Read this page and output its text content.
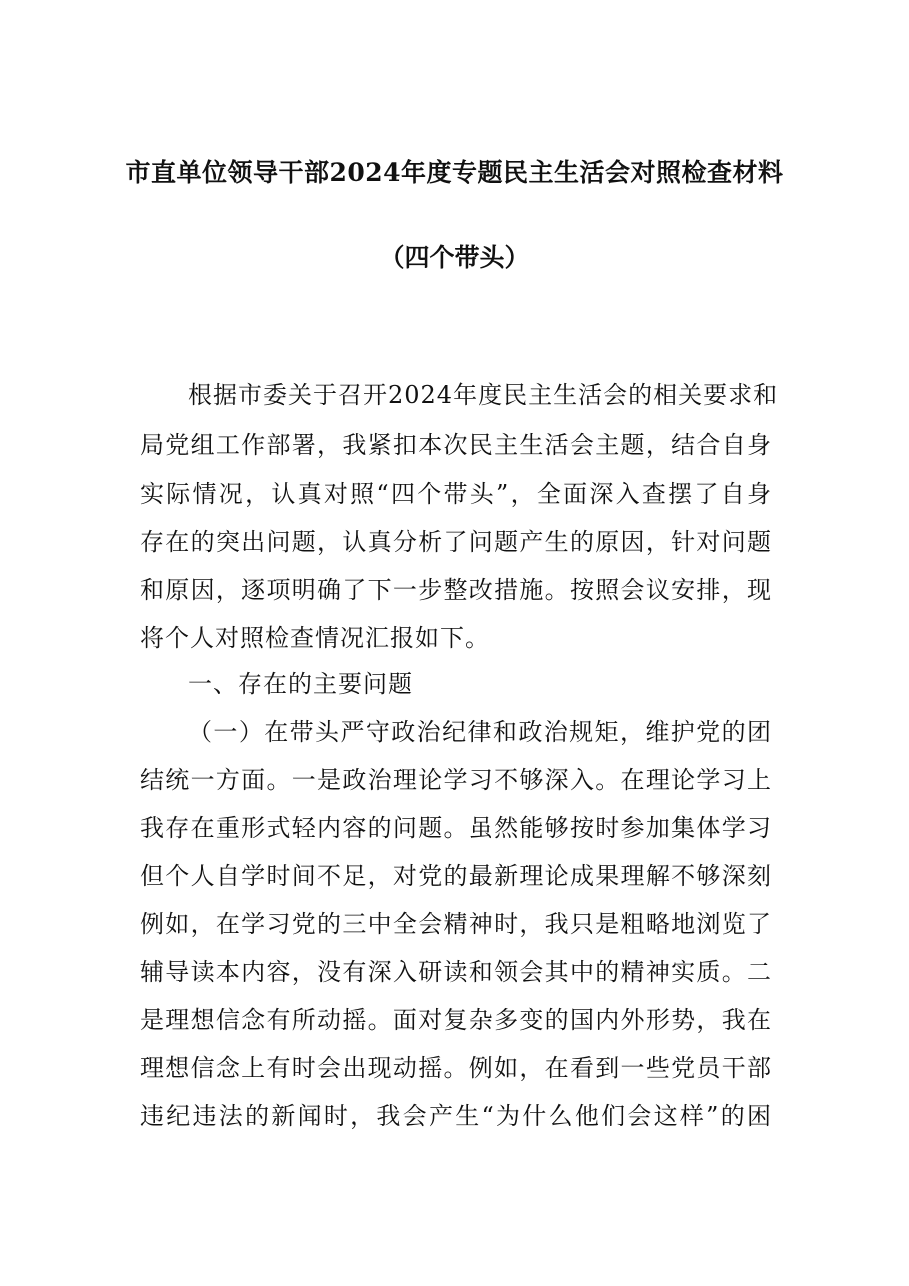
市直单位领导干部2024年度专题民主生活会对照检查材料
（四个带头）
根据市委关于召开2024年度民主生活会的相关要求和
局党组工作部署，我紧扣本次民主生活会主题，结合自身
实际情况，认真对照“四个带头”，全面深入查摆了自身
存在的突出问题，认真分析了问题产生的原因，针对问题
和原因，逐项明确了下一步整改措施。按照会议安排，现
将个人对照检查情况汇报如下。
一、存在的主要问题
（一）在带头严守政治纪律和政治规矩，维护党的团
结统一方面。一是政治理论学习不够深入。在理论学习上
我存在重形式轻内容的问题。虽然能够按时参加集体学习
但个人自学时间不足，对党的最新理论成果理解不够深刻
例如，在学习党的三中全会精神时，我只是粗略地浏览了
辅导读本内容，没有深入研读和领会其中的精神实质。二
是理想信念有所动摇。面对复杂多变的国内外形势，我在
理想信念上有时会出现动摇。例如，在看到一些党员干部
违纪违法的新闻时，我会产生“为什么他们会这样”的困
